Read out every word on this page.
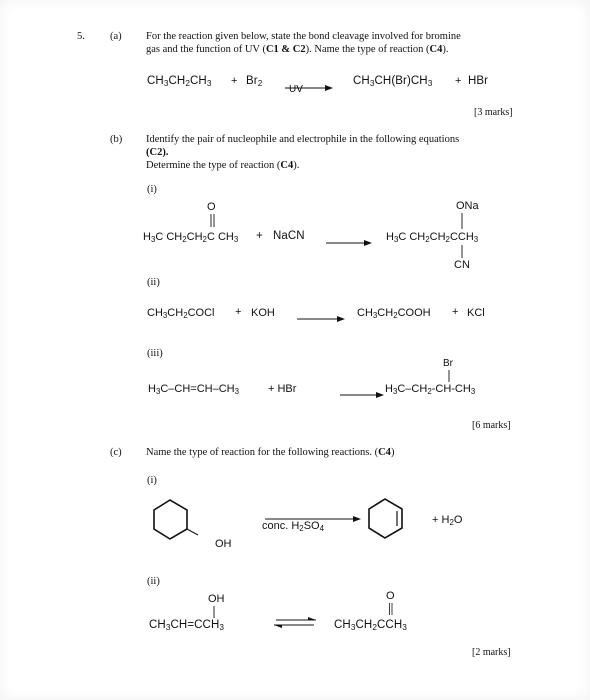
5. (a) For the reaction given below, state the bond cleavage involved for bromine
gas and the function of UV (C1 & C2). Name the type of reaction (C4).
$CH_3CH_2CH_3 + Br_2$
UV
$CH_3CH(Br)CH_3$ + HBr
[3 marks]
(b) Identify the pair of nucleophile and electrophile in the following equations
(C2).
Determine the type of reaction (C4).
(i)
O
$H_3C$ $CH_2CH_2C$ $CH_3$ + NaCN
ONa
$H_3C$ $CH_2CH_2CCH_3$
CN
(ii)
$CH_3CH_2COCl$ + KOH	$CH_3CH_2COOH$ + KCl
(iii)
$H_3C-CH=CH-CH_3$	+ HBr
Br
$H_3C-CH_2-CH-CH_3$
[6 marks]
(c) Name the type of reaction for the following reactions. (C4)
(i)
OH
conc. $H_2SO_4$
+ $H_2O$
(ii)
OH
$CH_3CH=CCH_3$
O
$CH_3CH_2CCH_3$
[2 marks]
